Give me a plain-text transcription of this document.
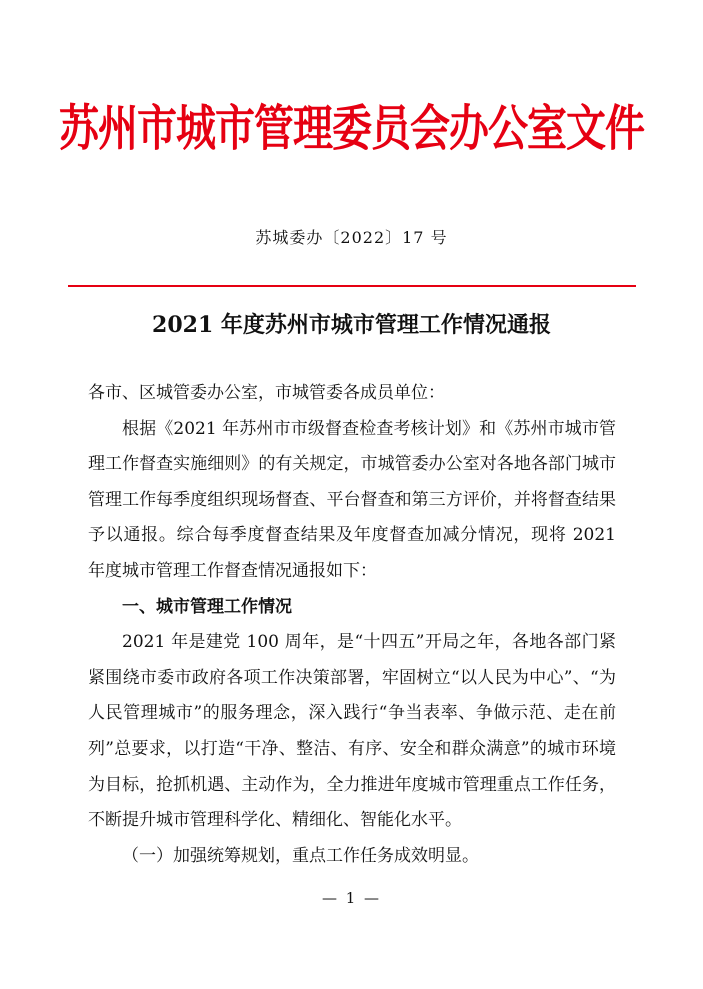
苏州市城市管理委员会办公室文件
苏城委办〔2022〕17 号
2021 年度苏州市城市管理工作情况通报

各市、区城管委办公室，市城管委各成员单位：

根据《2021 年苏州市市级督查检查考核计划》和《苏州市城市管理工作督查实施细则》的有关规定，市城管委办公室对各地各部门城市管理工作每季度组织现场督查、平台督查和第三方评价，并将督查结果予以通报。综合每季度督查结果及年度督查加减分情况，现将 2021 年度城市管理工作督查情况通报如下：

一、城市管理工作情况

2021 年是建党 100 周年，是“十四五”开局之年，各地各部门紧紧围绕市委市政府各项工作决策部署，牢固树立“以人民为中心”、“为人民管理城市”的服务理念，深入践行“争当表率、争做示范、走在前列”总要求，以打造“干净、整洁、有序、安全和群众满意”的城市环境为目标，抢抓机遇、主动作为，全力推进年度城市管理重点工作任务，不断提升城市管理科学化、精细化、智能化水平。

（一）加强统筹规划，重点工作任务成效明显。

— 1 —
